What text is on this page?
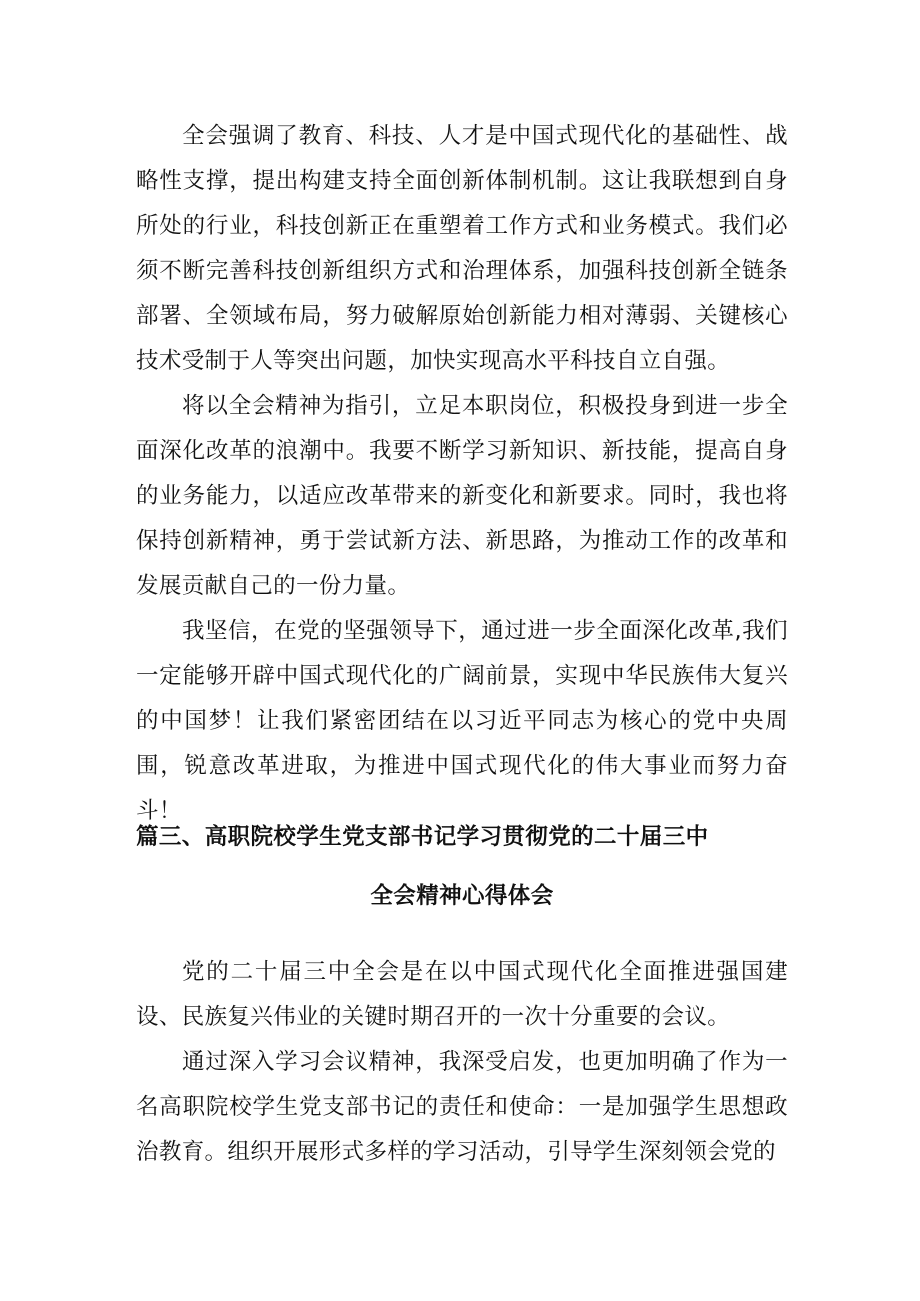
全会强调了教育、科技、人才是中国式现代化的基础性、战略性支撑，提出构建支持全面创新体制机制。这让我联想到自身所处的行业，科技创新正在重塑着工作方式和业务模式。我们必须不断完善科技创新组织方式和治理体系，加强科技创新全链条部署、全领域布局，努力破解原始创新能力相对薄弱、关键核心技术受制于人等突出问题，加快实现高水平科技自立自强。

将以全会精神为指引，立足本职岗位，积极投身到进一步全面深化改革的浪潮中。我要不断学习新知识、新技能，提高自身的业务能力，以适应改革带来的新变化和新要求。同时，我也将保持创新精神，勇于尝试新方法、新思路，为推动工作的改革和发展贡献自己的一份力量。

我坚信，在党的坚强领导下，通过进一步全面深化改革,我们一定能够开辟中国式现代化的广阔前景，实现中华民族伟大复兴的中国梦！让我们紧密团结在以习近平同志为核心的党中央周围，锐意改革进取，为推进中国式现代化的伟大事业而努力奋斗！

篇三、高职院校学生党支部书记学习贯彻党的二十届三中
全会精神心得体会

党的二十届三中全会是在以中国式现代化全面推进强国建设、民族复兴伟业的关键时期召开的一次十分重要的会议。

通过深入学习会议精神，我深受启发，也更加明确了作为一名高职院校学生党支部书记的责任和使命：一是加强学生思想政治教育。组织开展形式多样的学习活动，引导学生深刻领会党的
